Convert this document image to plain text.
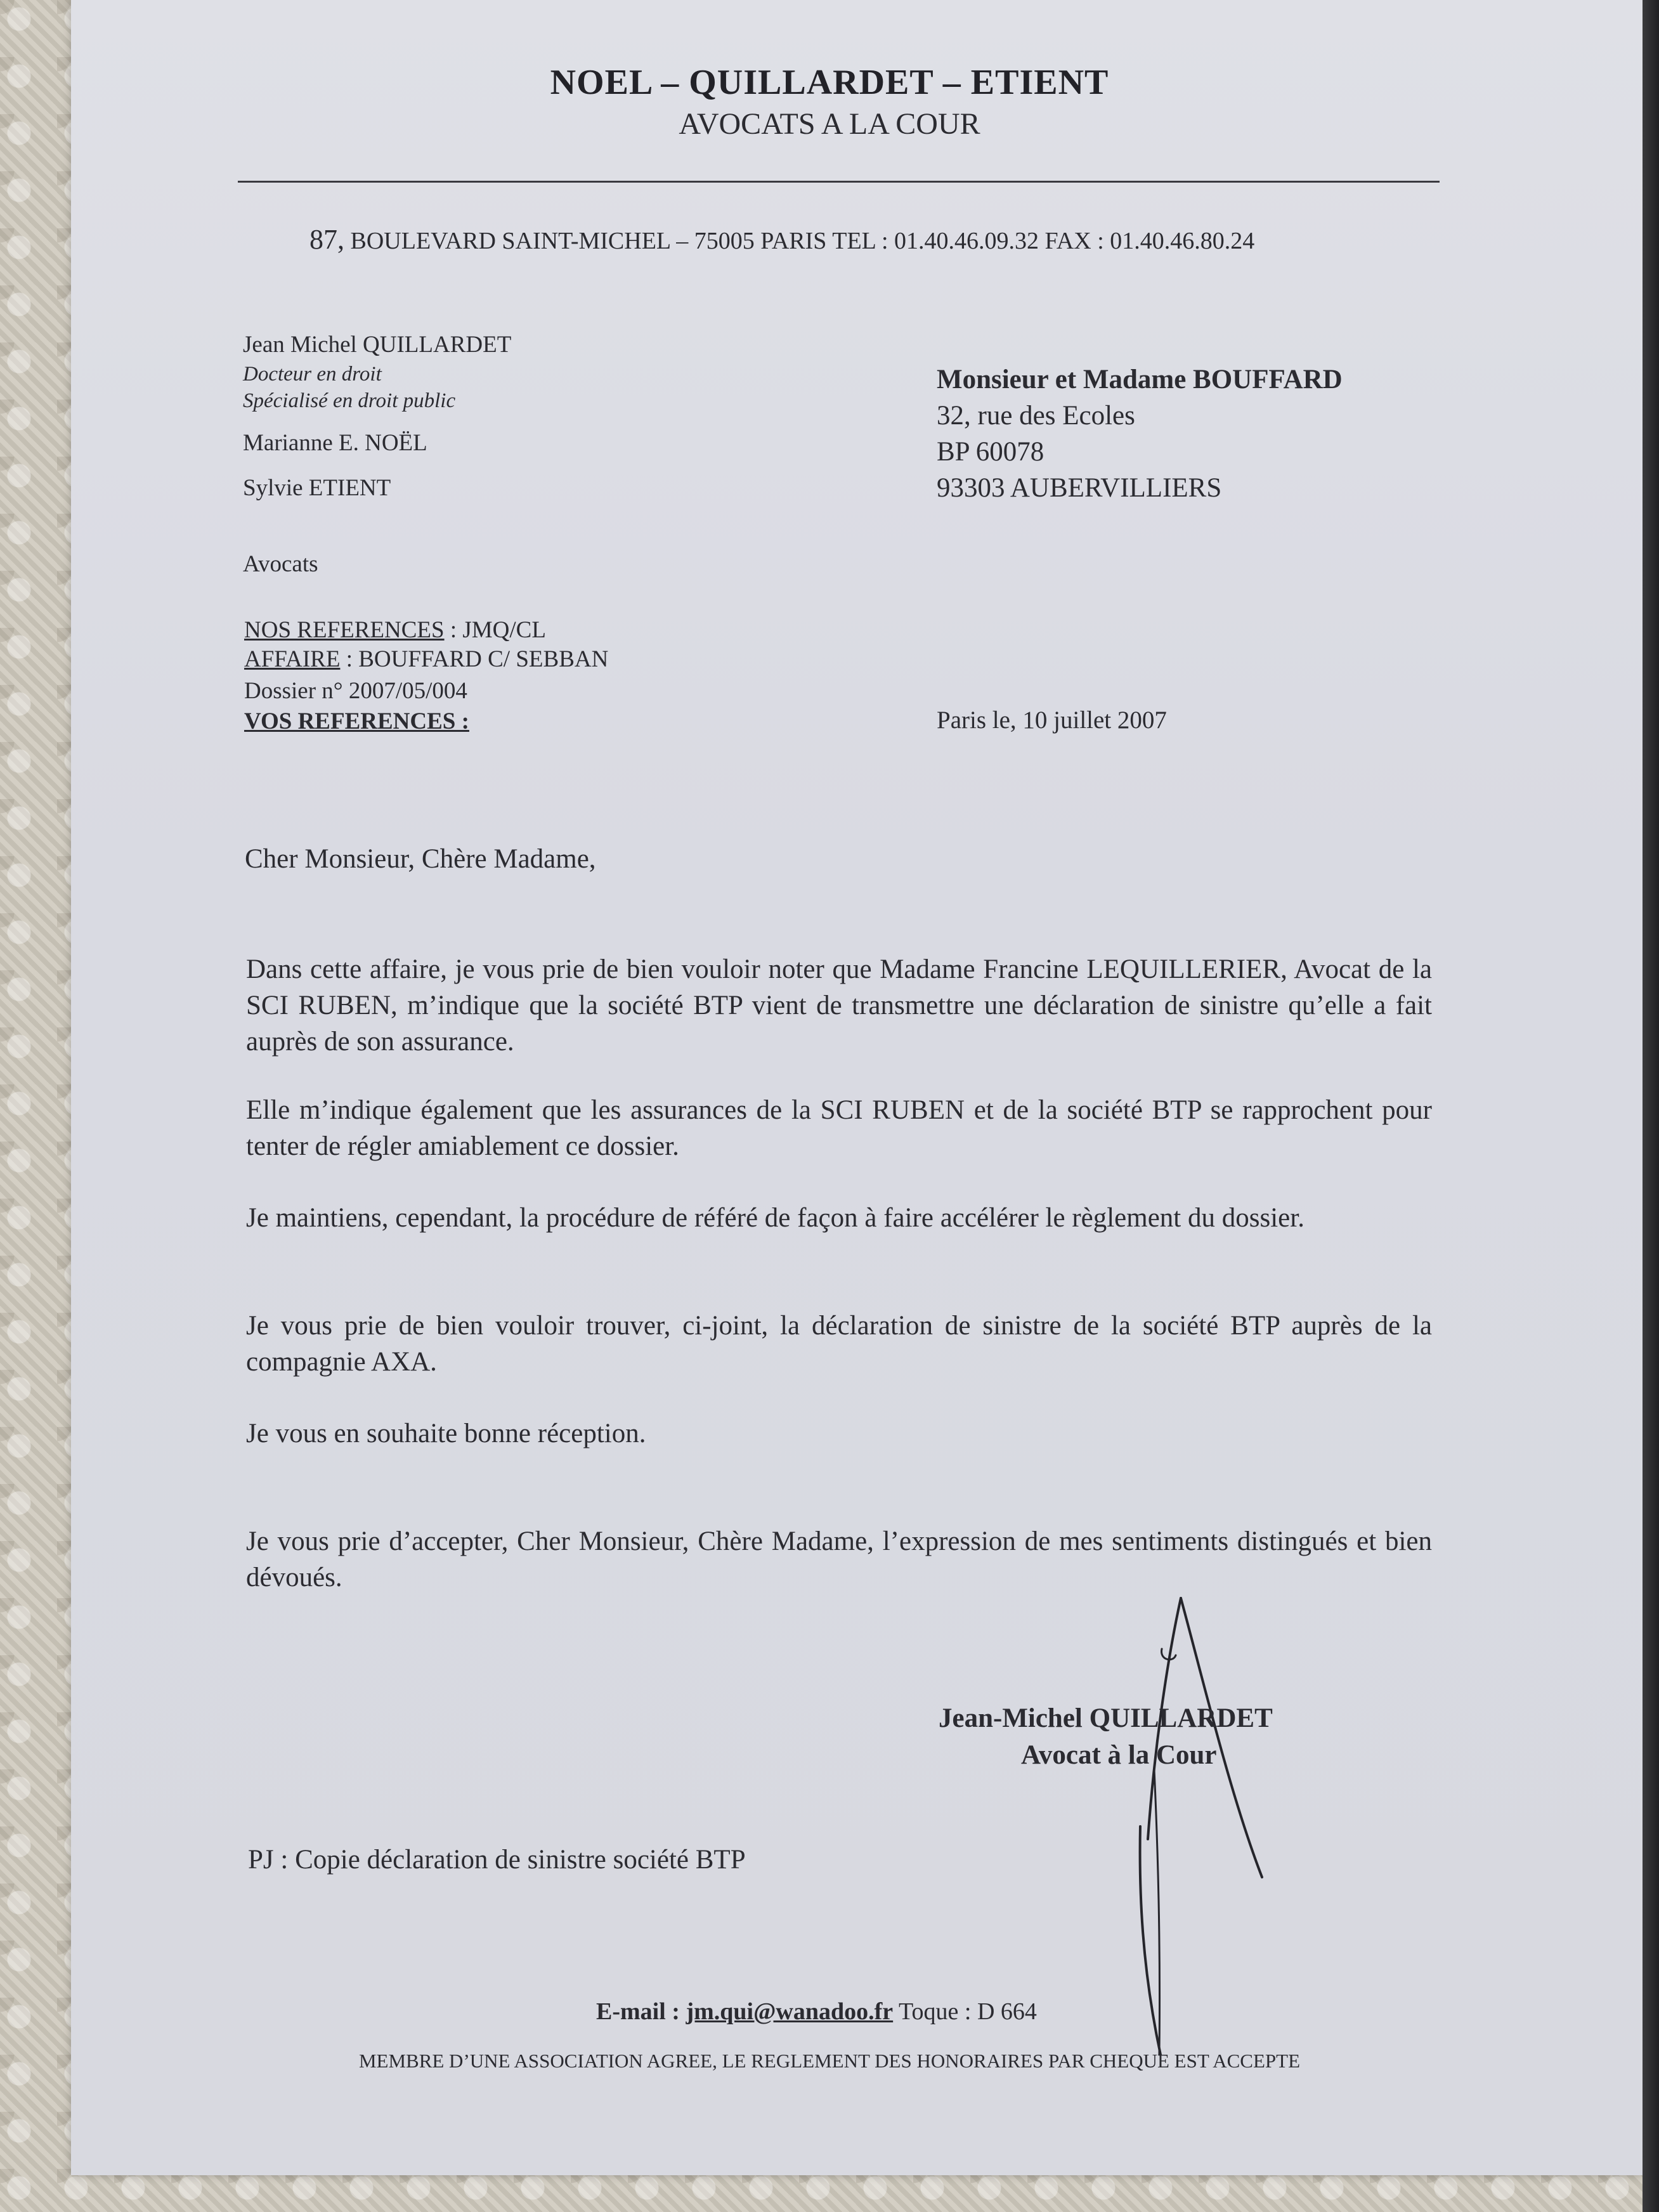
NOEL – QUILLARDET – ETIENT
AVOCATS A LA COUR
87, BOULEVARD SAINT-MICHEL – 75005 PARIS TEL : 01.40.46.09.32 FAX : 01.40.46.80.24
Jean Michel QUILLARDET
Docteur en droit
Spécialisé en droit public
Marianne E. NOËL
Sylvie ETIENT
Avocats
Monsieur et Madame BOUFFARD
32, rue des Ecoles
BP 60078
93303 AUBERVILLIERS
NOS REFERENCES : JMQ/CL
AFFAIRE : BOUFFARD C/ SEBBAN
Dossier n° 2007/05/004
VOS REFERENCES :	Paris le, 10 juillet 2007
Cher Monsieur, Chère Madame,
Dans cette affaire, je vous prie de bien vouloir noter que Madame Francine LEQUILLERIER, Avocat de la SCI RUBEN, m’indique que la société BTP vient de transmettre une déclaration de sinistre qu’elle a fait auprès de son assurance.
Elle m’indique également que les assurances de la SCI RUBEN et de la société BTP se rapprochent pour tenter de régler amiablement ce dossier.
Je maintiens, cependant, la procédure de référé de façon à faire accélérer le règlement du dossier.
Je vous prie de bien vouloir trouver, ci-joint, la déclaration de sinistre de la société BTP auprès de la compagnie AXA.
Je vous en souhaite bonne réception.
Je vous prie d’accepter, Cher Monsieur, Chère Madame, l’expression de mes sentiments distingués et bien dévoués.
Jean-Michel QUILLARDET
Avocat à la Cour
PJ : Copie déclaration de sinistre société BTP
E-mail : jm.qui@wanadoo.fr Toque : D 664
MEMBRE D’UNE ASSOCIATION AGREE, LE REGLEMENT DES HONORAIRES PAR CHEQUE EST ACCEPTE
